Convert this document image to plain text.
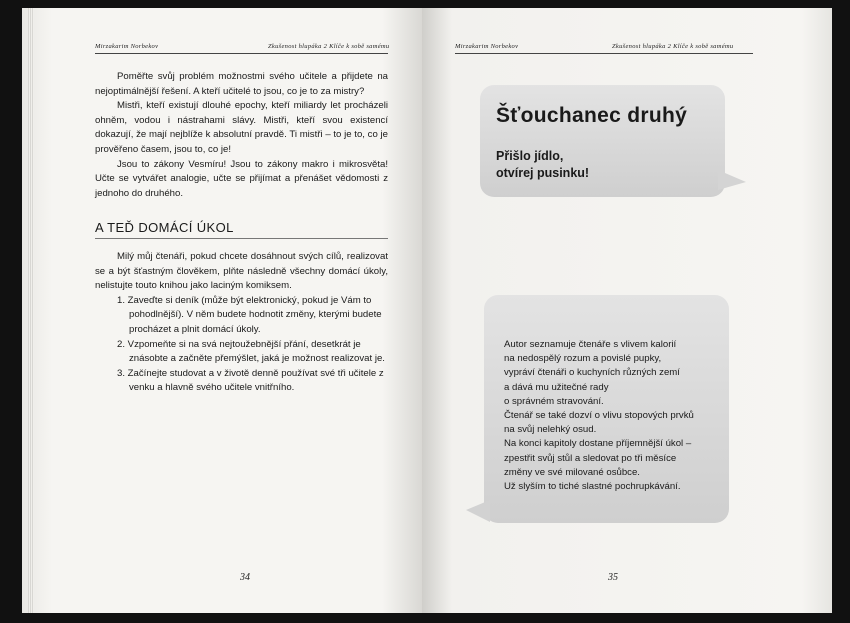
Mirzakarim Norbekov	Zkušenost hlupáka 2 Klíče k sobě samému

Poměřte svůj problém možnostmi svého učitele a přijdete na nejoptimálnější řešení. A kteří učitelé to jsou, co je to za mistry?

Mistři, kteří existují dlouhé epochy, kteří miliardy let procházeli ohněm, vodou i nástrahami slávy. Mistři, kteří svou existencí dokazují, že mají nejblíže k absolutní pravdě. Ti mistři – to je to, co je prověřeno časem, jsou to, co je!

Jsou to zákony Vesmíru! Jsou to zákony makro i mikrosvěta! Učte se vytvářet analogie, učte se přijímat a přenášet vědomosti z jednoho do druhého.

A TEĎ DOMÁCÍ ÚKOL

Milý můj čtenáři, pokud chcete dosáhnout svých cílů, realizovat se a být šťastným člověkem, plňte následně všechny domácí úkoly, nelistujte touto knihou jako laciným komiksem.

1. Zaveďte si deník (může být elektronický, pokud je Vám to pohodlnější). V něm budete hodnotit změny, kterými budete procházet a plnit domácí úkoly.
2. Vzpomeňte si na svá nejtoužebnější přání, desetkrát je znásobte a začněte přemýšlet, jaká je možnost realizovat je.
3. Začínejte studovat a v životě denně používat své tři učitele z venku a hlavně svého učitele vnitřního.
34
Mirzakarim Norbekov	Zkušenost hlupáka 2 Klíče k sobě samému
Šťouchanec druhý
Přišlo jídlo,
otvírej pusinku!
Autor seznamuje čtenáře s vlivem kalorií
na nedospělý rozum a povislé pupky,
vypráví čtenáři o kuchyních různých zemí
a dává mu užitečné rady
o správném stravování.
Čtenář se také dozví o vlivu stopových prvků
na svůj nelehký osud.
Na konci kapitoly dostane příjemnější úkol –
zpestřit svůj stůl a sledovat po tři měsíce
změny ve své milované osůbce.
Už slyším to tiché slastné pochrupkávání.
35
